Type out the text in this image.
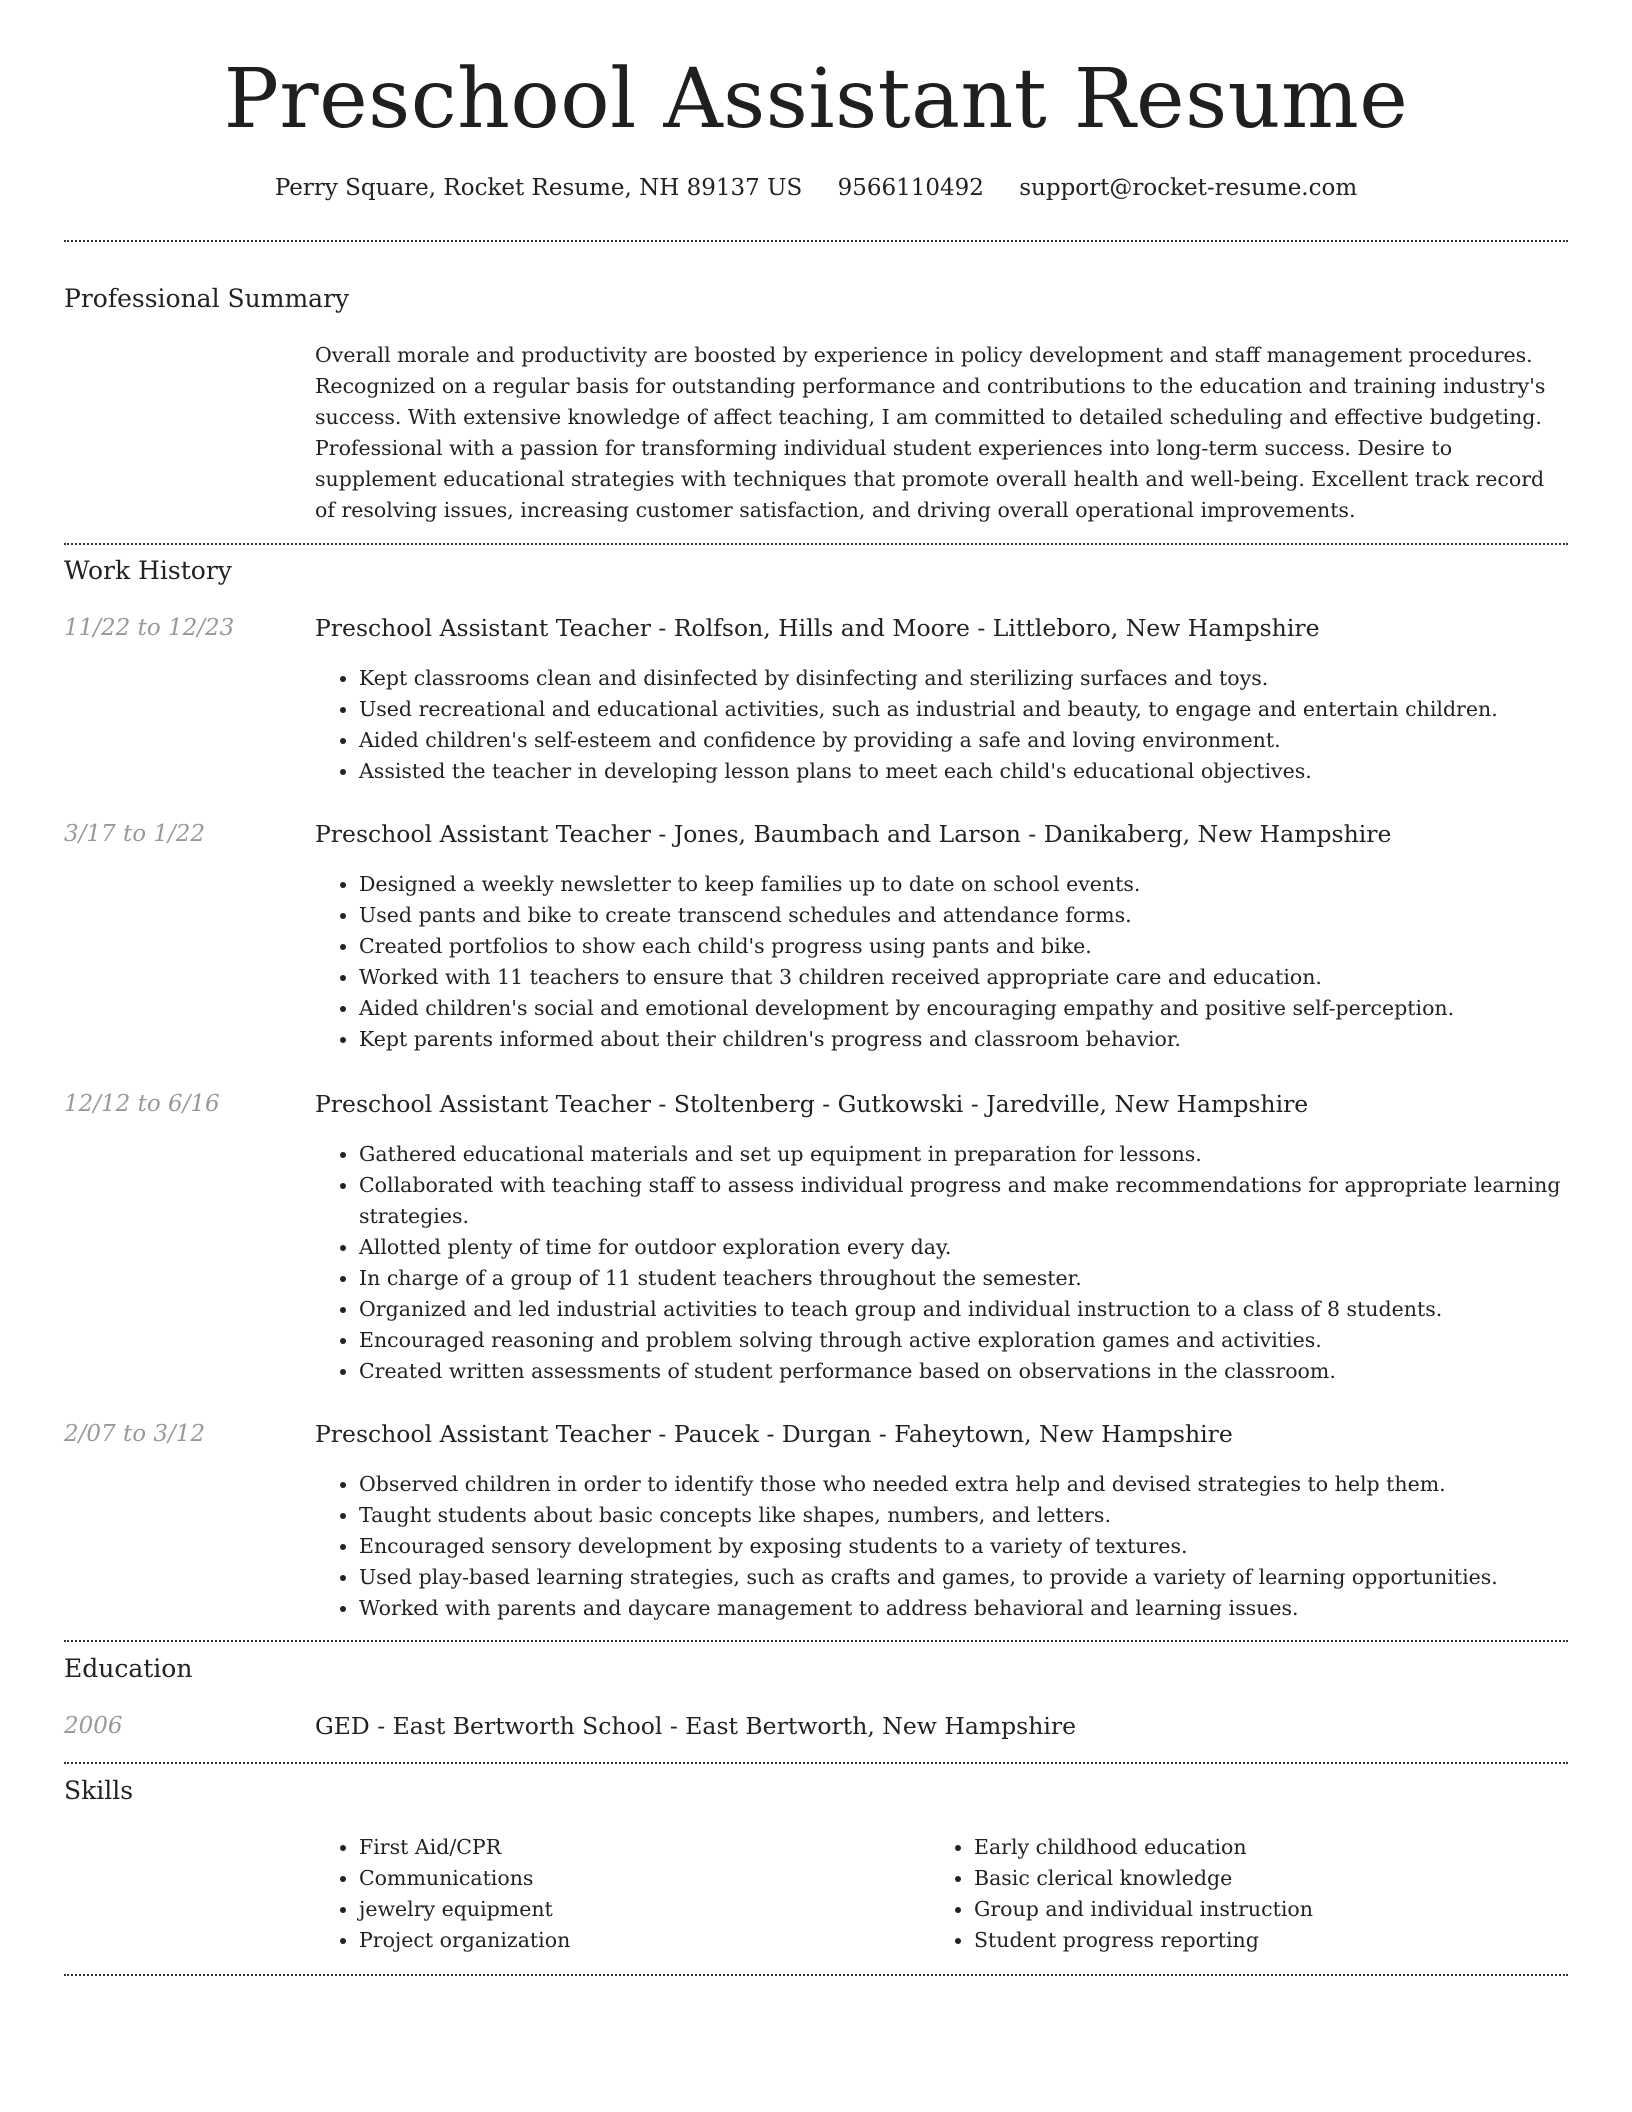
Preschool Assistant Resume
Perry Square, Rocket Resume, NH 89137 US 9566110492 support@rocket-resume.com
Professional Summary
Overall morale and productivity are boosted by experience in policy development and staff management procedures. Recognized on a regular basis for outstanding performance and contributions to the education and training industry's success. With extensive knowledge of affect teaching, I am committed to detailed scheduling and effective budgeting. Professional with a passion for transforming individual student experiences into long-term success. Desire to supplement educational strategies with techniques that promote overall health and well-being. Excellent track record of resolving issues, increasing customer satisfaction, and driving overall operational improvements.
Work History
11/22 to 12/23	Preschool Assistant Teacher - Rolfson, Hills and Moore - Littleboro, New Hampshire
• Kept classrooms clean and disinfected by disinfecting and sterilizing surfaces and toys.
• Used recreational and educational activities, such as industrial and beauty, to engage and entertain children.
• Aided children's self-esteem and confidence by providing a safe and loving environment.
• Assisted the teacher in developing lesson plans to meet each child's educational objectives.
3/17 to 1/22	Preschool Assistant Teacher - Jones, Baumbach and Larson - Danikaberg, New Hampshire
• Designed a weekly newsletter to keep families up to date on school events.
• Used pants and bike to create transcend schedules and attendance forms.
• Created portfolios to show each child's progress using pants and bike.
• Worked with 11 teachers to ensure that 3 children received appropriate care and education.
• Aided children's social and emotional development by encouraging empathy and positive self-perception.
• Kept parents informed about their children's progress and classroom behavior.
12/12 to 6/16	Preschool Assistant Teacher - Stoltenberg - Gutkowski - Jaredville, New Hampshire
• Gathered educational materials and set up equipment in preparation for lessons.
• Collaborated with teaching staff to assess individual progress and make recommendations for appropriate learning strategies.
• Allotted plenty of time for outdoor exploration every day.
• In charge of a group of 11 student teachers throughout the semester.
• Organized and led industrial activities to teach group and individual instruction to a class of 8 students.
• Encouraged reasoning and problem solving through active exploration games and activities.
• Created written assessments of student performance based on observations in the classroom.
2/07 to 3/12	Preschool Assistant Teacher - Paucek - Durgan - Faheytown, New Hampshire
• Observed children in order to identify those who needed extra help and devised strategies to help them.
• Taught students about basic concepts like shapes, numbers, and letters.
• Encouraged sensory development by exposing students to a variety of textures.
• Used play-based learning strategies, such as crafts and games, to provide a variety of learning opportunities.
• Worked with parents and daycare management to address behavioral and learning issues.
Education
2006	GED - East Bertworth School - East Bertworth, New Hampshire
Skills
• First Aid/CPR
• Communications
• jewelry equipment
• Project organization
• Early childhood education
• Basic clerical knowledge
• Group and individual instruction
• Student progress reporting
